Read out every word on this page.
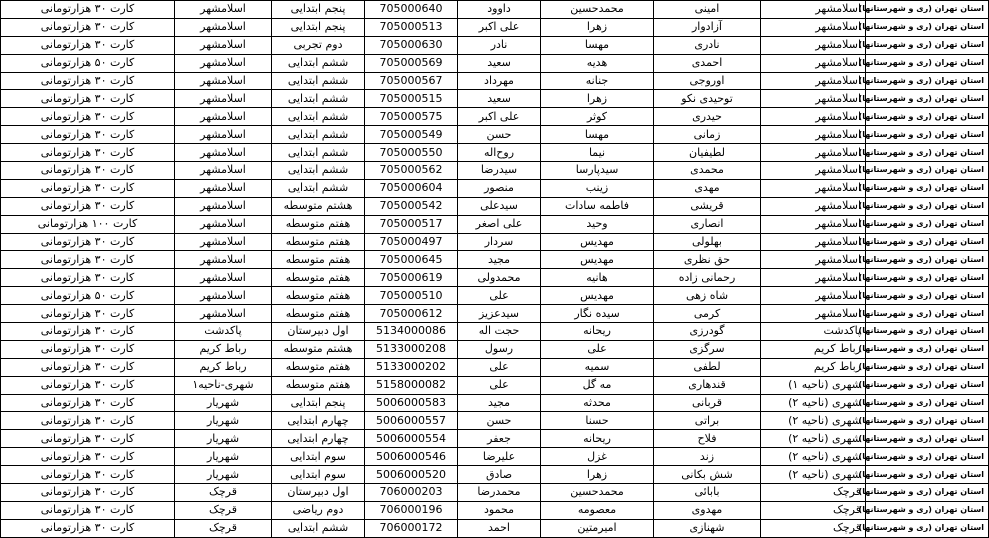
استان تهران (ری و شهرستانها)	اسلامشهر	امینی	محمدحسین	داوود	705000640	پنجم ابتدایی	اسلامشهر	کارت ۳۰ هزارتومانی
استان تهران (ری و شهرستانها)	اسلامشهر	آزادوار	زهرا	علی اکبر	705000513	پنجم ابتدایی	اسلامشهر	کارت ۳۰ هزارتومانی
استان تهران (ری و شهرستانها)	اسلامشهر	نادری	مهسا	نادر	705000630	دوم تجربی	اسلامشهر	کارت ۳۰ هزارتومانی
استان تهران (ری و شهرستانها)	اسلامشهر	احمدی	هدیه	سعید	705000569	ششم ابتدایی	اسلامشهر	کارت ۵۰ هزارتومانی
استان تهران (ری و شهرستانها)	اسلامشهر	اوروجی	جنانه	مهرداد	705000567	ششم ابتدایی	اسلامشهر	کارت ۳۰ هزارتومانی
استان تهران (ری و شهرستانها)	اسلامشهر	توحیدی نکو	زهرا	سعید	705000515	ششم ابتدایی	اسلامشهر	کارت ۳۰ هزارتومانی
استان تهران (ری و شهرستانها)	اسلامشهر	حیدری	کوثر	علی اکبر	705000575	ششم ابتدایی	اسلامشهر	کارت ۳۰ هزارتومانی
استان تهران (ری و شهرستانها)	اسلامشهر	زمانی	مهسا	حسن	705000549	ششم ابتدایی	اسلامشهر	کارت ۳۰ هزارتومانی
استان تهران (ری و شهرستانها)	اسلامشهر	لطیفیان	نیما	روح‌اله	705000550	ششم ابتدایی	اسلامشهر	کارت ۳۰ هزارتومانی
استان تهران (ری و شهرستانها)	اسلامشهر	محمدی	سیدپارسا	سیدرضا	705000562	ششم ابتدایی	اسلامشهر	کارت ۳۰ هزارتومانی
استان تهران (ری و شهرستانها)	اسلامشهر	مهدی	زینب	منصور	705000604	ششم ابتدایی	اسلامشهر	کارت ۳۰ هزارتومانی
استان تهران (ری و شهرستانها)	اسلامشهر	قریشی	فاطمه سادات	سیدعلی	705000542	هشتم متوسطه	اسلامشهر	کارت ۳۰ هزارتومانی
استان تهران (ری و شهرستانها)	اسلامشهر	انصاری	وحید	علی اصغر	705000517	هفتم متوسطه	اسلامشهر	کارت ۱۰۰ هزارتومانی
استان تهران (ری و شهرستانها)	اسلامشهر	بهلولی	مهدیس	سردار	705000497	هفتم متوسطه	اسلامشهر	کارت ۳۰ هزارتومانی
استان تهران (ری و شهرستانها)	اسلامشهر	حق نظری	مهدیس	مجید	705000645	هفتم متوسطه	اسلامشهر	کارت ۳۰ هزارتومانی
استان تهران (ری و شهرستانها)	اسلامشهر	رحمانی زاده	هانیه	محمدولی	705000619	هفتم متوسطه	اسلامشهر	کارت ۳۰ هزارتومانی
استان تهران (ری و شهرستانها)	اسلامشهر	شاه زهی	مهدیس	علی	705000510	هفتم متوسطه	اسلامشهر	کارت ۵۰ هزارتومانی
استان تهران (ری و شهرستانها)	اسلامشهر	کرمی	سیده نگار	سیدعزیز	705000612	هفتم متوسطه	اسلامشهر	کارت ۳۰ هزارتومانی
استان تهران (ری و شهرستانها)	پاکدشت	گودرزی	ریحانه	حجت اله	5134000086	اول دبیرستان	پاکدشت	کارت ۳۰ هزارتومانی
استان تهران (ری و شهرستانها)	رباط کریم	سرگزی	علی	رسول	5133000208	هشتم متوسطه	رباط کریم	کارت ۳۰ هزارتومانی
استان تهران (ری و شهرستانها)	رباط کریم	لطفی	سمیه	علی	5133000202	هفتم متوسطه	رباط کریم	کارت ۳۰ هزارتومانی
استان تهران (ری و شهرستانها)	شهری (ناحیه ۱)	قندهاری	مه گل	علی	5158000082	هفتم متوسطه	شهری-ناحیه۱	کارت ۳۰ هزارتومانی
استان تهران (ری و شهرستانها)	شهری (ناحیه ۲)	قربانی	محدثه	مجید	5006000583	پنجم ابتدایی	شهریار	کارت ۳۰ هزارتومانی
استان تهران (ری و شهرستانها)	شهری (ناحیه ۲)	براتی	حسنا	حسن	5006000557	چهارم ابتدایی	شهریار	کارت ۳۰ هزارتومانی
استان تهران (ری و شهرستانها)	شهری (ناحیه ۲)	فلاح	ریحانه	جعفر	5006000554	چهارم ابتدایی	شهریار	کارت ۳۰ هزارتومانی
استان تهران (ری و شهرستانها)	شهری (ناحیه ۲)	زند	غزل	علیرضا	5006000546	سوم ابتدایی	شهریار	کارت ۳۰ هزارتومانی
استان تهران (ری و شهرستانها)	شهری (ناحیه ۲)	شش بکانی	زهرا	صادق	5006000520	سوم ابتدایی	شهریار	کارت ۳۰ هزارتومانی
استان تهران (ری و شهرستانها)	قرچک	بابائی	محمدحسین	محمدرضا	706000203	اول دبیرستان	قرچک	کارت ۳۰ هزارتومانی
استان تهران (ری و شهرستانها)	قرچک	مهدوی	معصومه	محمود	706000196	دوم ریاضی	قرچک	کارت ۳۰ هزارتومانی
استان تهران (ری و شهرستانها)	قرچک	شهنازی	امیرمتین	احمد	706000172	ششم ابتدایی	قرچک	کارت ۳۰ هزارتومانی
